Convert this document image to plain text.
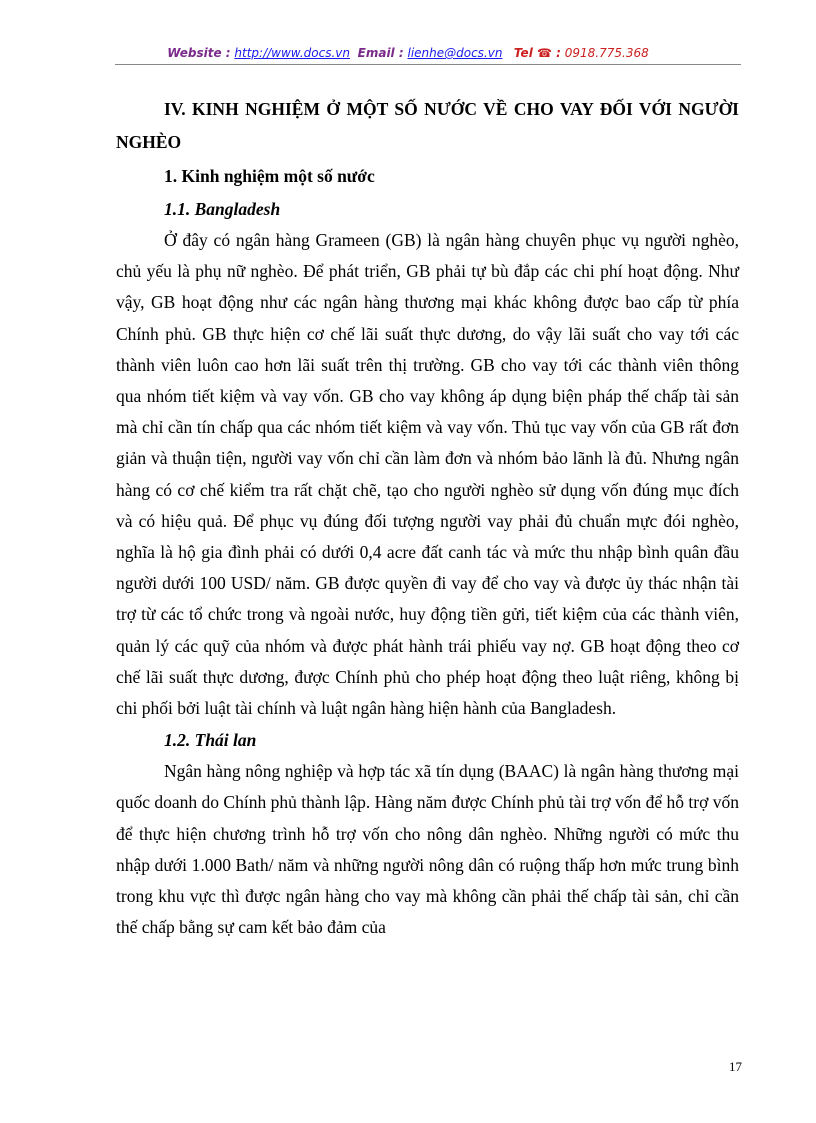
Website : http://www.docs.vn Email : lienhe@docs.vn Tel ☎ : 0918.775.368

IV. KINH NGHIỆM Ở MỘT SỐ NƯỚC VỀ CHO VAY ĐỐI VỚI NGƯỜI NGHÈO

1. Kinh nghiệm một số nước

1.1. Bangladesh

Ở đây có ngân hàng Grameen (GB) là ngân hàng chuyên phục vụ người nghèo, chủ yếu là phụ nữ nghèo. Để phát triển, GB phải tự bù đắp các chi phí hoạt động. Như vậy, GB hoạt động như các ngân hàng thương mại khác không được bao cấp từ phía Chính phủ. GB thực hiện cơ chế lãi suất thực dương, do vậy lãi suất cho vay tới các thành viên luôn cao hơn lãi suất trên thị trường. GB cho vay tới các thành viên thông qua nhóm tiết kiệm và vay vốn. GB cho vay không áp dụng biện pháp thế chấp tài sản mà chỉ cần tín chấp qua các nhóm tiết kiệm và vay vốn. Thủ tục vay vốn của GB rất đơn giản và thuận tiện, người vay vốn chỉ cần làm đơn và nhóm bảo lãnh là đủ. Nhưng ngân hàng có cơ chế kiểm tra rất chặt chẽ, tạo cho người nghèo sử dụng vốn đúng mục đích và có hiệu quả. Để phục vụ đúng đối tượng người vay phải đủ chuẩn mực đói nghèo, nghĩa là hộ gia đình phải có dưới 0,4 acre đất canh tác và mức thu nhập bình quân đầu người dưới 100 USD/ năm. GB được quyền đi vay để cho vay và được ủy thác nhận tài trợ từ các tổ chức trong và ngoài nước, huy động tiền gửi, tiết kiệm của các thành viên, quản lý các quỹ của nhóm và được phát hành trái phiếu vay nợ. GB hoạt động theo cơ chế lãi suất thực dương, được Chính phủ cho phép hoạt động theo luật riêng, không bị chi phối bởi luật tài chính và luật ngân hàng hiện hành của Bangladesh.

1.2. Thái lan

Ngân hàng nông nghiệp và hợp tác xã tín dụng (BAAC) là ngân hàng thương mại quốc doanh do Chính phủ thành lập. Hàng năm được Chính phủ tài trợ vốn để hỗ trợ vốn để thực hiện chương trình hỗ trợ vốn cho nông dân nghèo. Những người có mức thu nhập dưới 1.000 Bath/ năm và những người nông dân có ruộng thấp hơn mức trung bình trong khu vực thì được ngân hàng cho vay mà không cần phải thế chấp tài sản, chỉ cần thế chấp bằng sự cam kết bảo đảm của

17
